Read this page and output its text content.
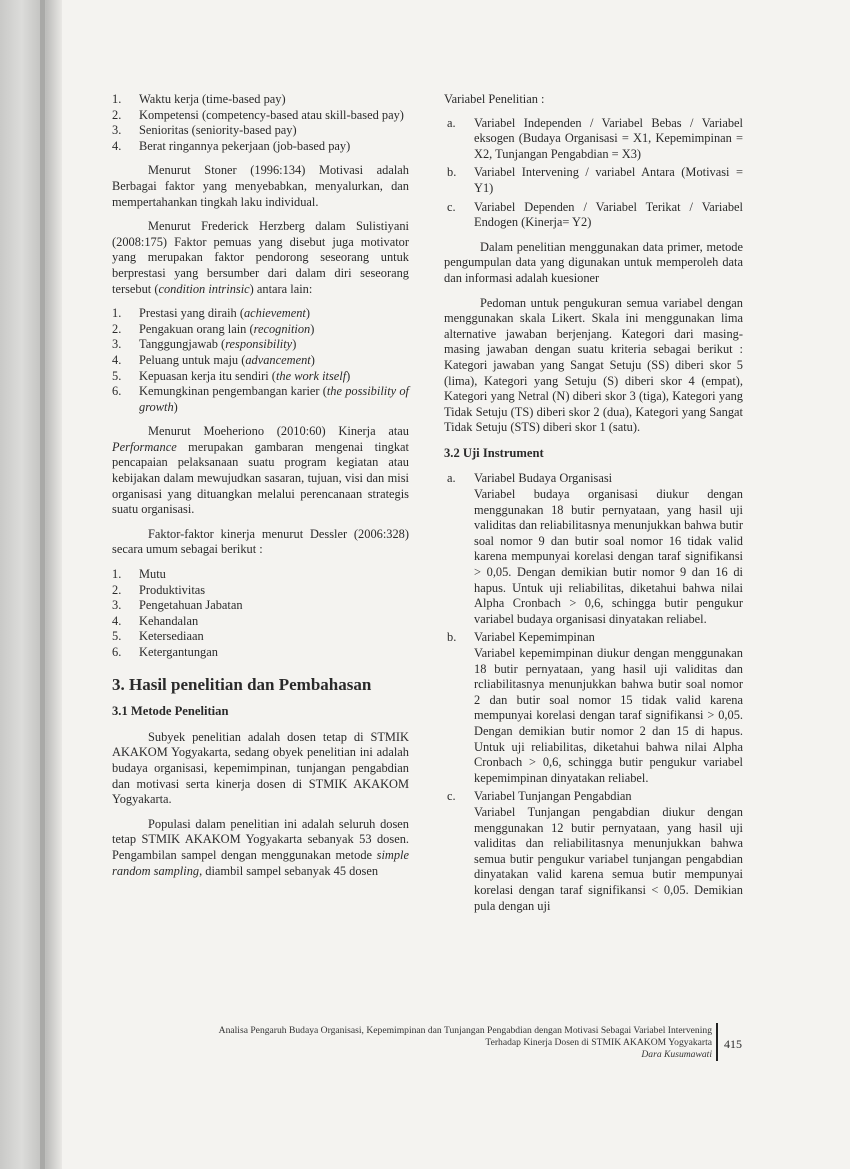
1. Waktu kerja (time-based pay)
2. Kompetensi (competency-based atau skill-based pay)
3. Senioritas (seniority-based pay)
4. Berat ringannya pekerjaan (job-based pay)

Menurut Stoner (1996:134) Motivasi adalah Berbagai faktor yang menyebabkan, menyalurkan, dan mempertahankan tingkah laku individual.

Menurut Frederick Herzberg dalam Sulistiyani (2008:175) Faktor pemuas yang disebut juga motivator yang merupakan faktor pendorong seseorang untuk berprestasi yang bersumber dari dalam diri seseorang tersebut (condition intrinsic) antara lain:

1. Prestasi yang diraih (achievement)
2. Pengakuan orang lain (recognition)
3. Tanggungjawab (responsibility)
4. Peluang untuk maju (advancement)
5. Kepuasan kerja itu sendiri (the work itself)
6. Kemungkinan pengembangan karier (the possibility of growth)

Menurut Moeheriono (2010:60) Kinerja atau Performance merupakan gambaran mengenai tingkat pencapaian pelaksanaan suatu program kegiatan atau kebijakan dalam mewujudkan sasaran, tujuan, visi dan misi organisasi yang dituangkan melalui perencanaan strategis suatu organisasi.

Faktor-faktor kinerja menurut Dessler (2006:328) secara umum sebagai berikut :

1. Mutu
2. Produktivitas
3. Pengetahuan Jabatan
4. Kehandalan
5. Ketersediaan
6. Ketergantungan
3. Hasil penelitian dan Pembahasan
3.1 Metode Penelitian

Subyek penelitian adalah dosen tetap di STMIK AKAKOM Yogyakarta, sedang obyek penelitian ini adalah budaya organisasi, kepemimpinan, tunjangan pengabdian dan motivasi serta kinerja dosen di STMIK AKAKOM Yogyakarta.

Populasi dalam penelitian ini adalah seluruh dosen tetap STMIK AKAKOM Yogyakarta sebanyak 53 dosen. Pengambilan sampel dengan menggunakan metode simple random sampling, diambil sampel sebanyak 45 dosen

Variabel Penelitian :
a. Variabel Independen / Variabel Bebas / Variabel eksogen (Budaya Organisasi = X1, Kepemimpinan = X2, Tunjangan Pengabdian = X3)
b. Variabel Intervening / variabel Antara (Motivasi = Y1)
c. Variabel Dependen / Variabel Terikat / Variabel Endogen (Kinerja= Y2)

Dalam penelitian menggunakan data primer, metode pengumpulan data yang digunakan untuk memperoleh data dan informasi adalah kuesioner

Pedoman untuk pengukuran semua variabel dengan menggunakan skala Likert. Skala ini menggunakan lima alternative jawaban berjenjang. Kategori dari masing-masing jawaban dengan suatu kriteria sebagai berikut : Kategori jawaban yang Sangat Setuju (SS) diberi skor 5 (lima), Kategori yang Setuju (S) diberi skor 4 (empat), Kategori yang Netral (N) diberi skor 3 (tiga), Kategori yang Tidak Setuju (TS) diberi skor 2 (dua), Kategori yang Sangat Tidak Setuju (STS) diberi skor 1 (satu).

3.2 Uji Instrument
a. Variabel Budaya Organisasi
Variabel budaya organisasi diukur dengan menggunakan 18 butir pernyataan, yang hasil uji validitas dan reliabilitasnya menunjukkan bahwa butir soal nomor 9 dan butir soal nomor 16 tidak valid karena mempunyai korelasi dengan taraf signifikansi > 0,05. Dengan demikian butir nomor 9 dan 16 di hapus. Untuk uji reliabilitas, diketahui bahwa nilai Alpha Cronbach > 0,6, schingga butir pengukur variabel budaya organisasi dinyatakan reliabel.
b. Variabel Kepemimpinan
Variabel kepemimpinan diukur dengan menggunakan 18 butir pernyataan, yang hasil uji validitas dan rcliabilitasnya menunjukkan bahwa butir soal nomor 2 dan butir soal nomor 15 tidak valid karena mempunyai korelasi dengan taraf signifikansi > 0,05. Dengan demikian butir nomor 2 dan 15 di hapus. Untuk uji reliabilitas, diketahui bahwa nilai Alpha Cronbach > 0,6, schingga butir pengukur variabel kepemimpinan dinyatakan reliabel.
c. Variabel Tunjangan Pengabdian
Variabel Tunjangan pengabdian diukur dengan menggunakan 12 butir pernyataan, yang hasil uji validitas dan reliabilitasnya menunjukkan bahwa semua butir pengukur variabel tunjangan pengabdian dinyatakan valid karena semua butir mempunyai korelasi dengan taraf signifikansi < 0,05. Demikian pula dengan uji
Analisa Pengaruh Budaya Organisasi, Kepemimpinan dan Tunjangan Pengabdian dengan Motivasi Sebagai Variabel Intervening
Terhadap Kinerja Dosen di STMIK AKAKOM Yogyakarta
Dara Kusumawati
415
